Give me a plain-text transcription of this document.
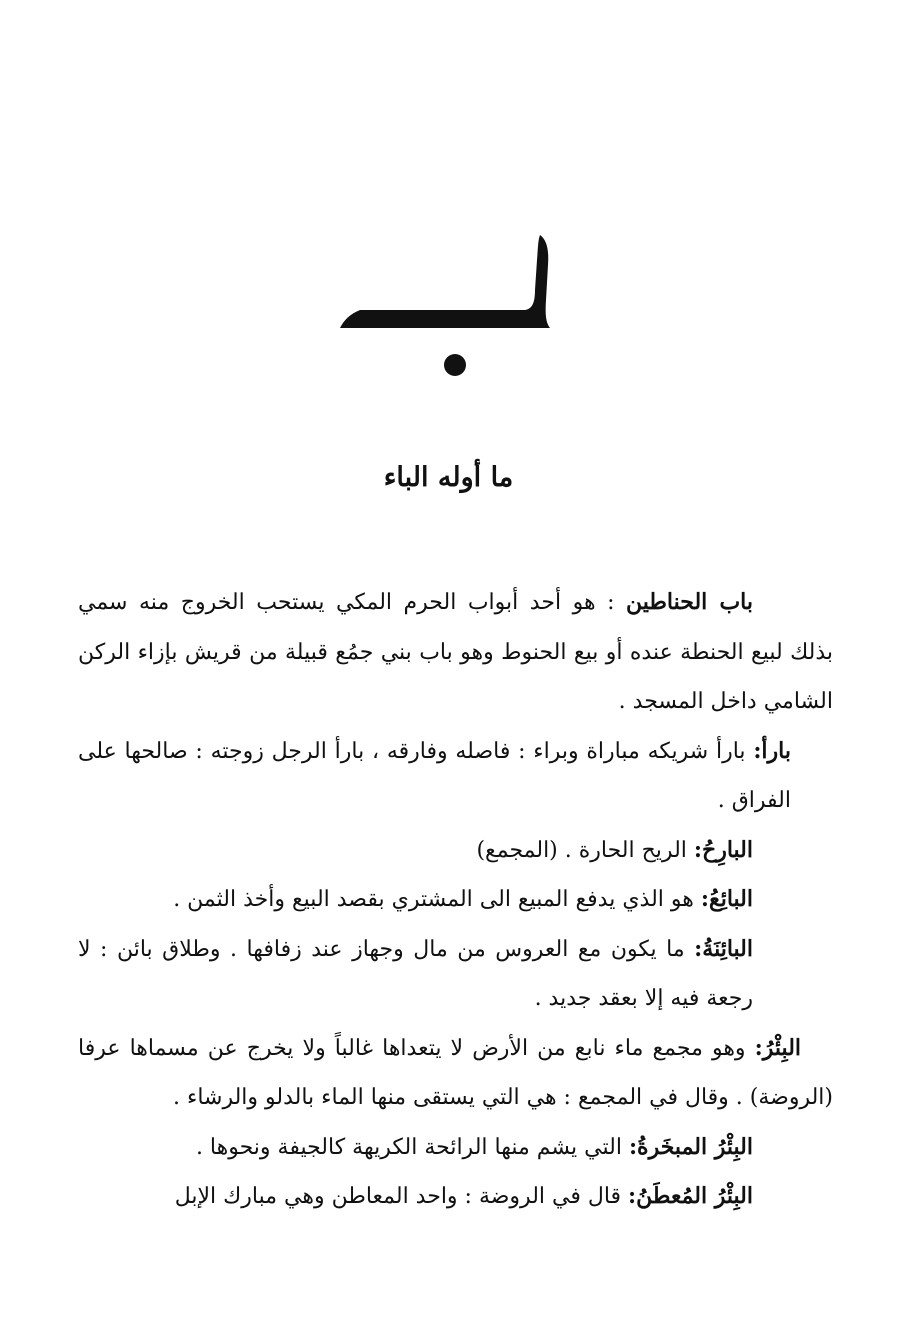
ما أوله الباء

باب الحناطين : هو أحد أبواب الحرم المكي يستحب الخروج منه سمي بذلك لبيع الحنطة عنده أو بيع الحنوط وهو باب بني جمُع قبيلة من قريش بإزاء الركن الشامي داخل المسجد .

بارأ: بارأ شريكه مباراة وبراء : فاصله وفارقه ، بارأ الرجل زوجته : صالحها على الفراق .

البارِحُ: الريح الحارة . (المجمع)

البائِعُ: هو الذي يدفع المبيع الى المشتري بقصد البيع وأخذ الثمن .

البائِنَةُ: ما يكون مع العروس من مال وجهاز عند زفافها . وطلاق بائن : لا رجعة فيه إلا بعقد جديد .

البِئْرُ: وهو مجمع ماء نابع من الأرض لا يتعداها غالباً ولا يخرج عن مسماها عرفا (الروضة) . وقال في المجمع : هي التي يستقى منها الماء بالدلو والرشاء .

البِئْرُ المبخَرةُ: التي يشم منها الرائحة الكريهة كالجيفة ونحوها .

البِئْرُ المُعطَنُ: قال في الروضة : واحد المعاطن وهي مبارك الإبل
